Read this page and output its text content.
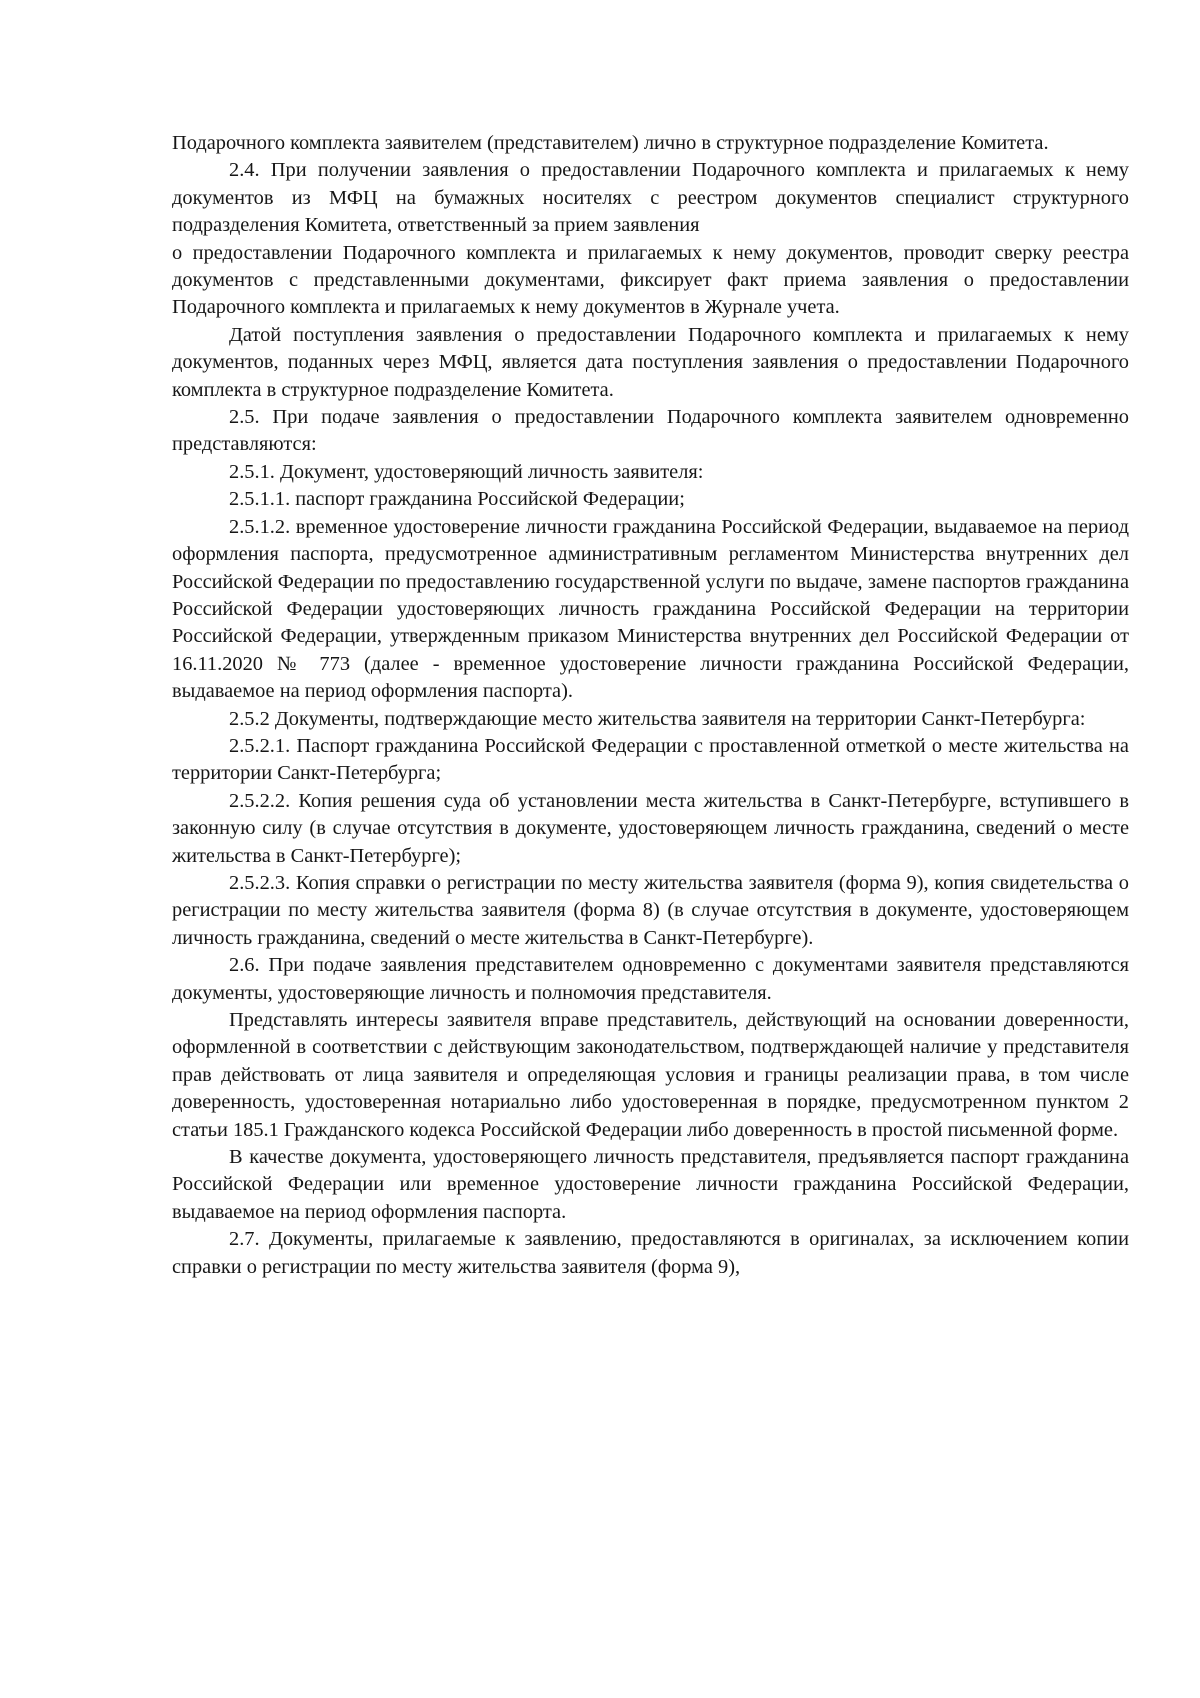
Подарочного комплекта заявителем (представителем) лично в структурное подразделение Комитета.

2.4. При получении заявления о предоставлении Подарочного комплекта и прилагаемых к нему документов из МФЦ на бумажных носителях с реестром документов специалист структурного подразделения Комитета, ответственный за прием заявления

о предоставлении Подарочного комплекта и прилагаемых к нему документов, проводит сверку реестра документов с представленными документами, фиксирует факт приема заявления о предоставлении Подарочного комплекта и прилагаемых к нему документов в Журнале учета.

Датой поступления заявления о предоставлении Подарочного комплекта и прилагаемых к нему документов, поданных через МФЦ, является дата поступления заявления о предоставлении Подарочного комплекта в структурное подразделение Комитета.

2.5. При подаче заявления о предоставлении Подарочного комплекта заявителем одновременно представляются:

2.5.1. Документ, удостоверяющий личность заявителя:

2.5.1.1. паспорт гражданина Российской Федерации;

2.5.1.2. временное удостоверение личности гражданина Российской Федерации, выдаваемое на период оформления паспорта, предусмотренное административным регламентом Министерства внутренних дел Российской Федерации по предоставлению государственной услуги по выдаче, замене паспортов гражданина Российской Федерации удостоверяющих личность гражданина Российской Федерации на территории Российской Федерации, утвержденным приказом Министерства внутренних дел Российской Федерации от 16.11.2020 № 773 (далее - временное удостоверение личности гражданина Российской Федерации, выдаваемое на период оформления паспорта).

2.5.2 Документы, подтверждающие место жительства заявителя на территории Санкт-Петербурга:

2.5.2.1. Паспорт гражданина Российской Федерации с проставленной отметкой о месте жительства на территории Санкт-Петербурга;

2.5.2.2. Копия решения суда об установлении места жительства в Санкт-Петербурге, вступившего в законную силу (в случае отсутствия в документе, удостоверяющем личность гражданина, сведений о месте жительства в Санкт-Петербурге);

2.5.2.3. Копия справки о регистрации по месту жительства заявителя (форма 9), копия свидетельства о регистрации по месту жительства заявителя (форма 8) (в случае отсутствия в документе, удостоверяющем личность гражданина, сведений о месте жительства в Санкт-Петербурге).

2.6. При подаче заявления представителем одновременно с документами заявителя представляются документы, удостоверяющие личность и полномочия представителя.

Представлять интересы заявителя вправе представитель, действующий на основании доверенности, оформленной в соответствии с действующим законодательством, подтверждающей наличие у представителя прав действовать от лица заявителя и определяющая условия и границы реализации права, в том числе доверенность, удостоверенная нотариально либо удостоверенная в порядке, предусмотренном пунктом 2 статьи 185.1 Гражданского кодекса Российской Федерации либо доверенность в простой письменной форме.

В качестве документа, удостоверяющего личность представителя, предъявляется паспорт гражданина Российской Федерации или временное удостоверение личности гражданина Российской Федерации, выдаваемое на период оформления паспорта.

2.7. Документы, прилагаемые к заявлению, предоставляются в оригиналах, за исключением копии справки о регистрации по месту жительства заявителя (форма 9),
